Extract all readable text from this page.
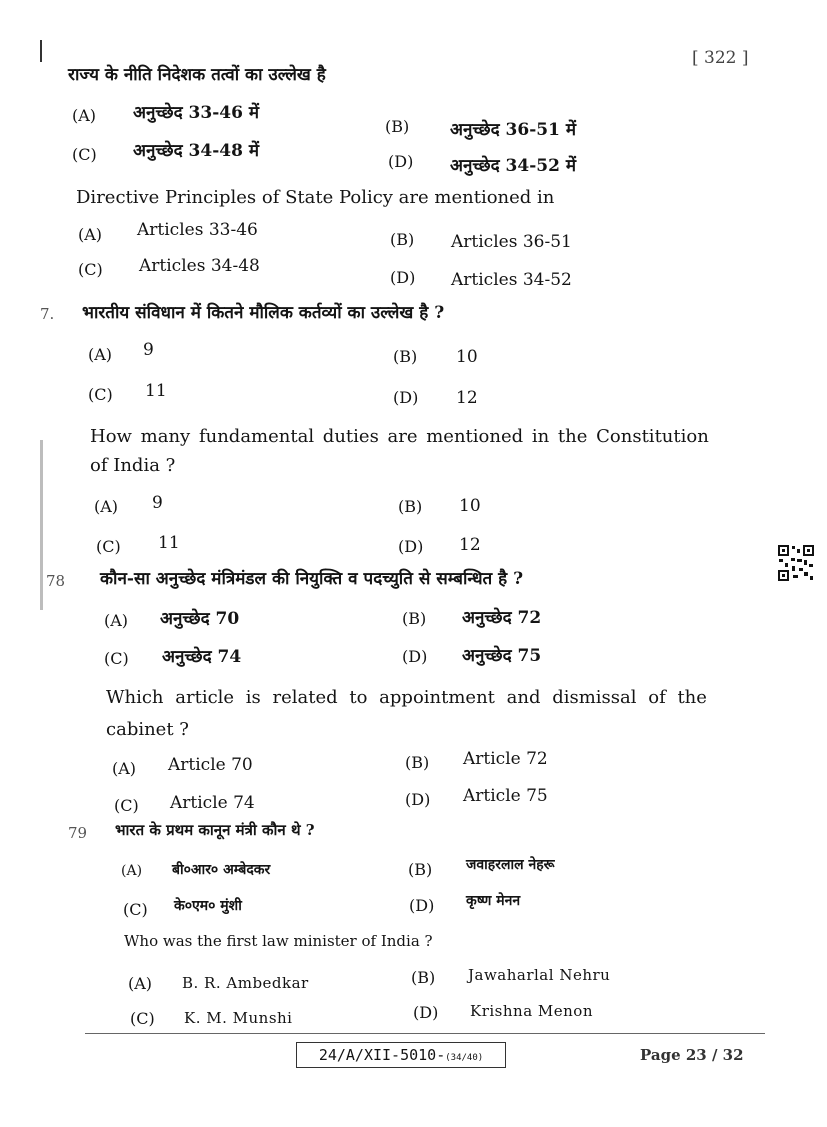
[ 322 ]
राज्य के नीति निदेशक तत्वों का उल्लेख है
(A) अनुच्छेद 33-46 में
(B) अनुच्छेद 36-51 में
(C) अनुच्छेद 34-48 में
(D) अनुच्छेद 34-52 में
Directive Principles of State Policy are mentioned in
(A) Articles 33-46	(B) Articles 36-51
(C) Articles 34-48
(D) Articles 34-52
7. भारतीय संविधान में कितने मौलिक कर्तव्यों का उल्लेख है ?
(A) 9	(B) 10
(C) 11	(D) 12
How many fundamental duties are mentioned in the Constitution
of India ?
(A) 9	(B) 10
(C) 11	(D) 12
78 कौन-सा अनुच्छेद मंत्रिमंडल की नियुक्ति व पदच्युति से सम्बन्धित है ?
(A) अनुच्छेद 70	(B) अनुच्छेद 72
(C) अनुच्छेद 74	(D) अनुच्छेद 75
Which article is related to appointment and dismissal of the
cabinet ?
(A) Article 70	(B) Article 72
(C) Article 74	(D) Article 75
79 भारत के प्रथम कानून मंत्री कौन थे ?
(A) बी०आर० अम्बेदकर	(B) जवाहरलाल नेहरू
(C) के०एम० मुंशी	(D) कृष्ण मेनन
Who was the first law minister of India ?
(A) B. R. Ambedkar	(B) Jawaharlal Nehru
(C) K. M. Munshi	(D) Krishna Menon
24/A/XII-5010-(34/40)	Page 23 / 32
